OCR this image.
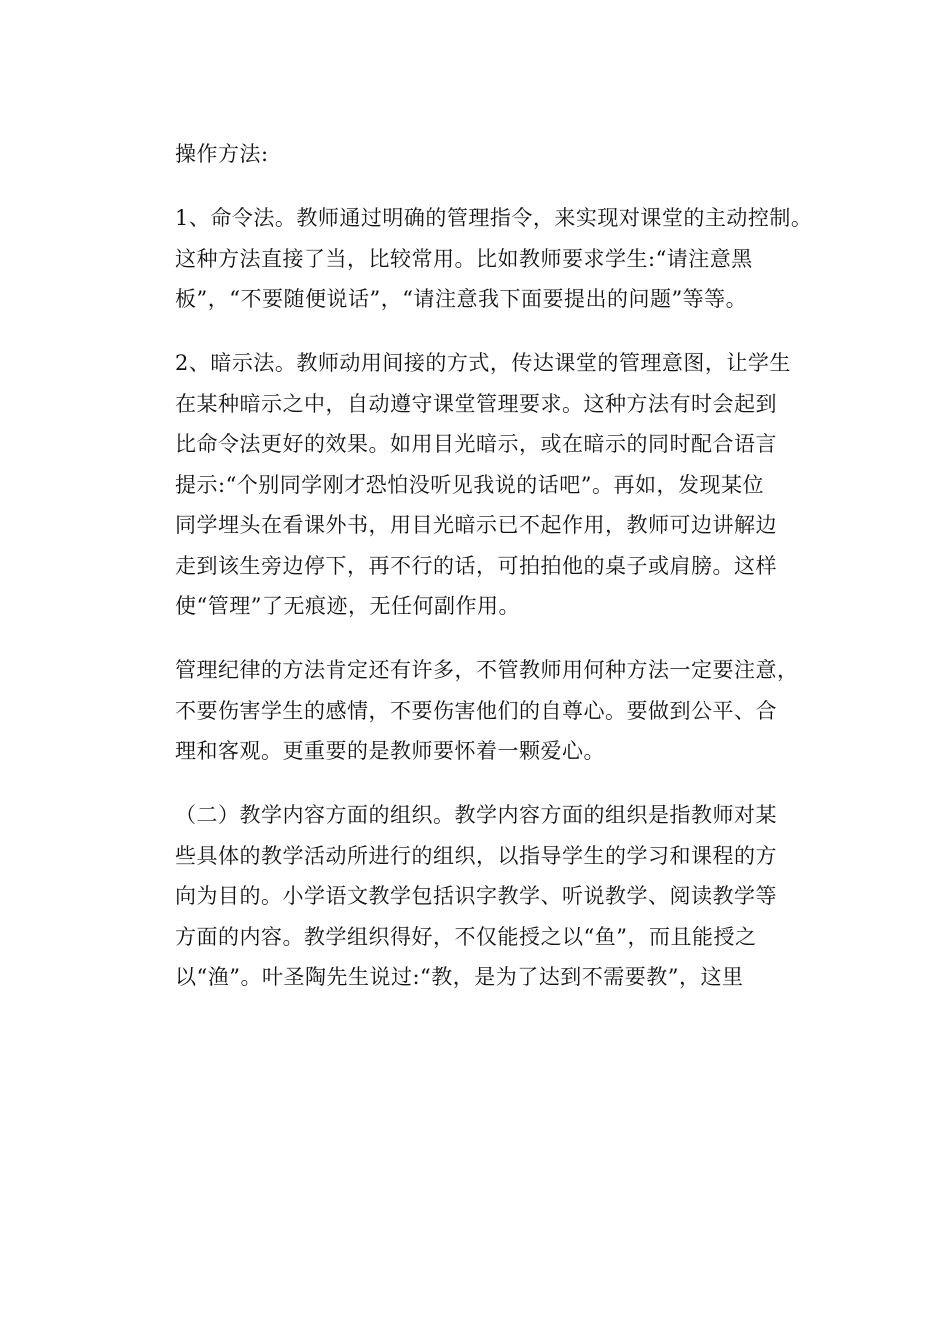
操作方法:
1、命令法。教师通过明确的管理指令，来实现对课堂的主动控制。
这种方法直接了当，比较常用。比如教师要求学生:“请注意黑
板”，“不要随便说话”，“请注意我下面要提出的问题”等等。
2、暗示法。教师动用间接的方式，传达课堂的管理意图，让学生
在某种暗示之中，自动遵守课堂管理要求。这种方法有时会起到
比命令法更好的效果。如用目光暗示，或在暗示的同时配合语言
提示:“个别同学刚才恐怕没听见我说的话吧”。再如，发现某位
同学埋头在看课外书，用目光暗示已不起作用，教师可边讲解边
走到该生旁边停下，再不行的话，可拍拍他的桌子或肩膀。这样
使“管理”了无痕迹，无任何副作用。
管理纪律的方法肯定还有许多，不管教师用何种方法一定要注意，
不要伤害学生的感情，不要伤害他们的自尊心。要做到公平、合
理和客观。更重要的是教师要怀着一颗爱心。
（二）教学内容方面的组织。教学内容方面的组织是指教师对某
些具体的教学活动所进行的组织，以指导学生的学习和课程的方
向为目的。小学语文教学包括识字教学、听说教学、阅读教学等
方面的内容。教学组织得好，不仅能授之以“鱼”，而且能授之
以“渔”。叶圣陶先生说过:“教，是为了达到不需要教”，这里
